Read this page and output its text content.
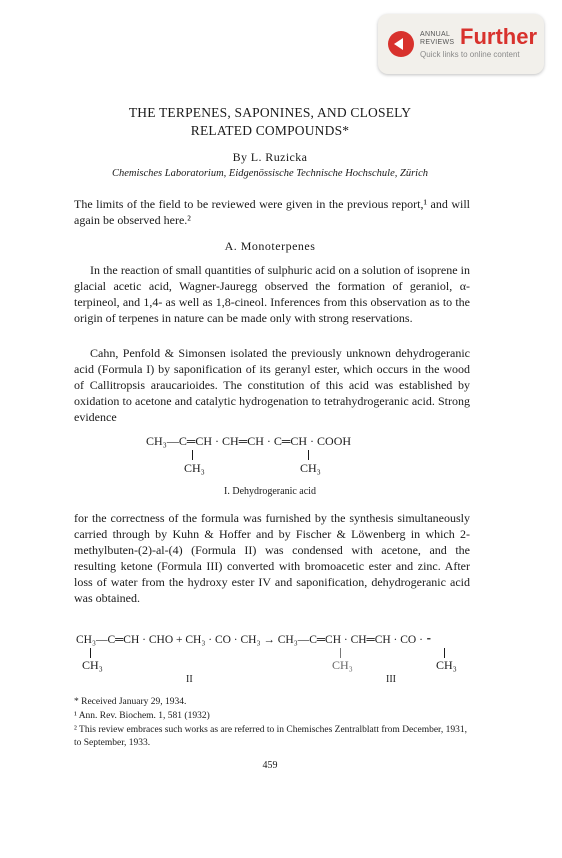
ANNUAL
REVIEWS Further
Quick links to online content
THE TERPENES, SAPONINES, AND CLOSELY
RELATED COMPOUNDS*
By L. Ruzicka
Chemisches Laboratorium, Eidgenössische Technische Hochschule, Zürich
The limits of the field to be reviewed were given in the previous report,¹ and will again be observed here.²
A. Monoterpenes
In the reaction of small quantities of sulphuric acid on a solution of isoprene in glacial acetic acid, Wagner-Jauregg observed the formation of geraniol, α-terpineol, and 1,4- as well as 1,8-cineol. Inferences from this observation as to the origin of terpenes in nature can be made only with strong reservations.
Cahn, Penfold & Simonsen isolated the previously unknown dehydrogeranic acid (Formula I) by saponification of its geranyl ester, which occurs in the wood of Callitropsis araucarioides. The constitution of this acid was established by oxidation to acetone and catalytic hydrogenation to tetrahydrogeranic acid. Strong evidence
CH₃—C═CH · CH═CH · C═CH · COOH
CH₃	CH₃
I. Dehydrogeranic acid
for the correctness of the formula was furnished by the synthesis simultaneously carried through by Kuhn & Hoffer and by Fischer & Löwenberg in which 2-methylbuten-(2)-al-(4) (Formula II) was condensed with acetone, and the resulting ketone (Formula III) converted with bromoacetic ester and zinc. After loss of water from the hydroxy ester IV and saponification, dehydrogeranic acid was obtained.
CH₃—C═CH · CHO + CH₃ · CO · CH₃ → CH₃—C═CH · CH═CH · CO · ⁃
CH₃	CH₃	CH₃
II	III
* Received January 29, 1934.
¹ Ann. Rev. Biochem. 1, 581 (1932)
² This review embraces such works as are referred to in Chemisches Zentralblatt from December, 1931, to September, 1933.
459
